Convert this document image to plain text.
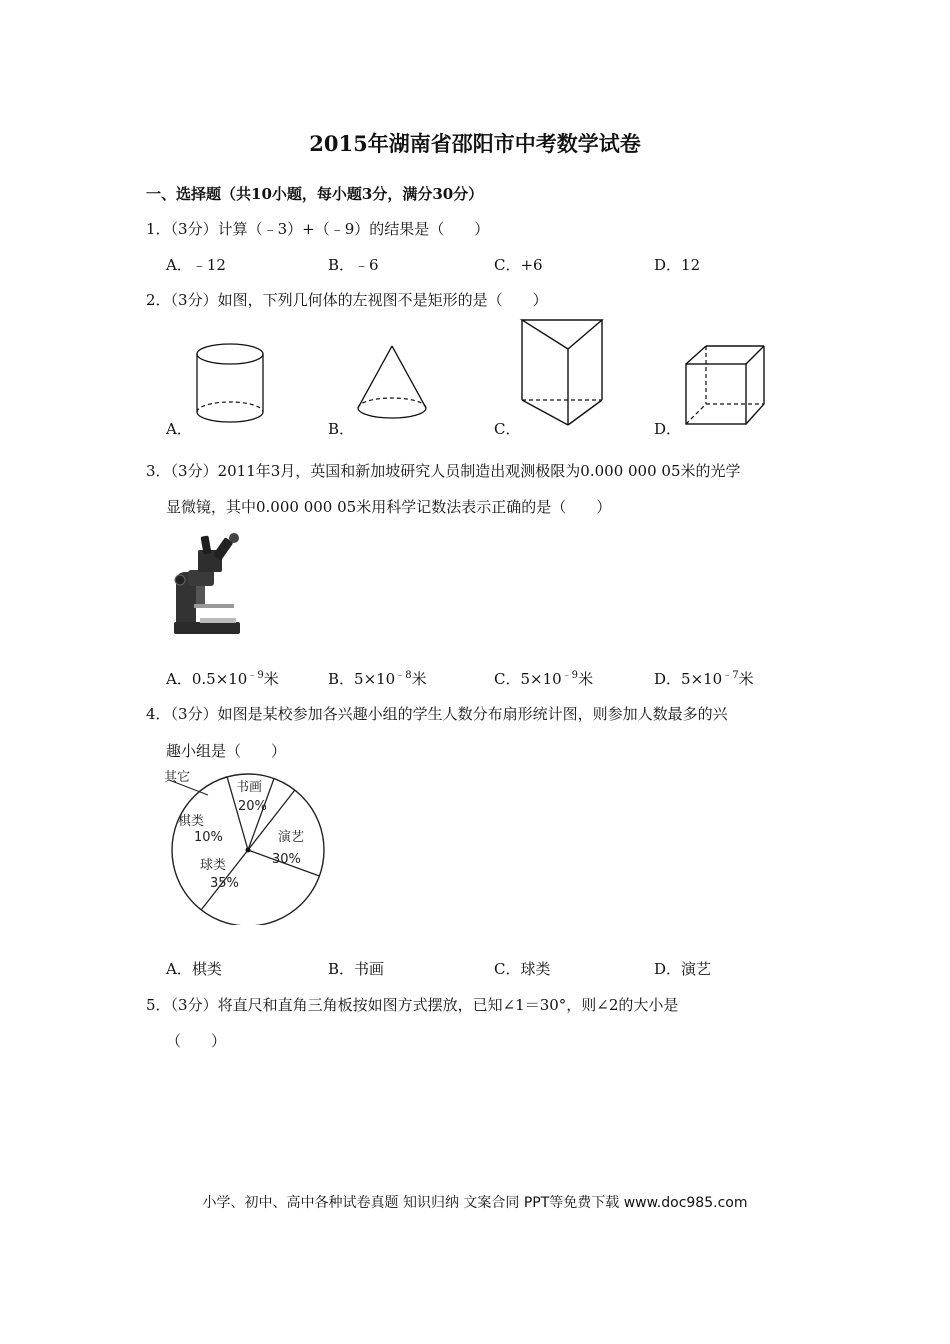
2015年湖南省邵阳市中考数学试卷
一、选择题（共10小题，每小题3分，满分30分）
1．（3分）计算（﹣3）+（﹣9）的结果是（　　）
A．﹣12	B．﹣6	C．+6	D．12
2．（3分）如图，下列几何体的左视图不是矩形的是（　　）
A．	B．	C．	D．
3．（3分）2011年3月，英国和新加坡研究人员制造出观测极限为0.000 000 05米的光学
显微镜，其中0.000 000 05米用科学记数法表示正确的是（　　）
A．$0.5\times 10^{﹣9}$米	B．$5\times 10^{﹣8}$米	C．$5\times 10^{﹣9}$米	D．$5\times 10^{﹣7}$米
4．（3分）如图是某校参加各兴趣小组的学生人数分布扇形统计图，则参加人数最多的兴
趣小组是（　　）
其它
书画
20%
演艺
30%
棋类
10%
球类
35%
A．棋类	B．书画	C．球类	D．演艺
5．（3分）将直尺和直角三角板按如图方式摆放，已知∠1＝30°，则∠2的大小是
（　　）
小学、初中、高中各种试卷真题 知识归纳 文案合同 PPT等免费下载 www.doc985.com
